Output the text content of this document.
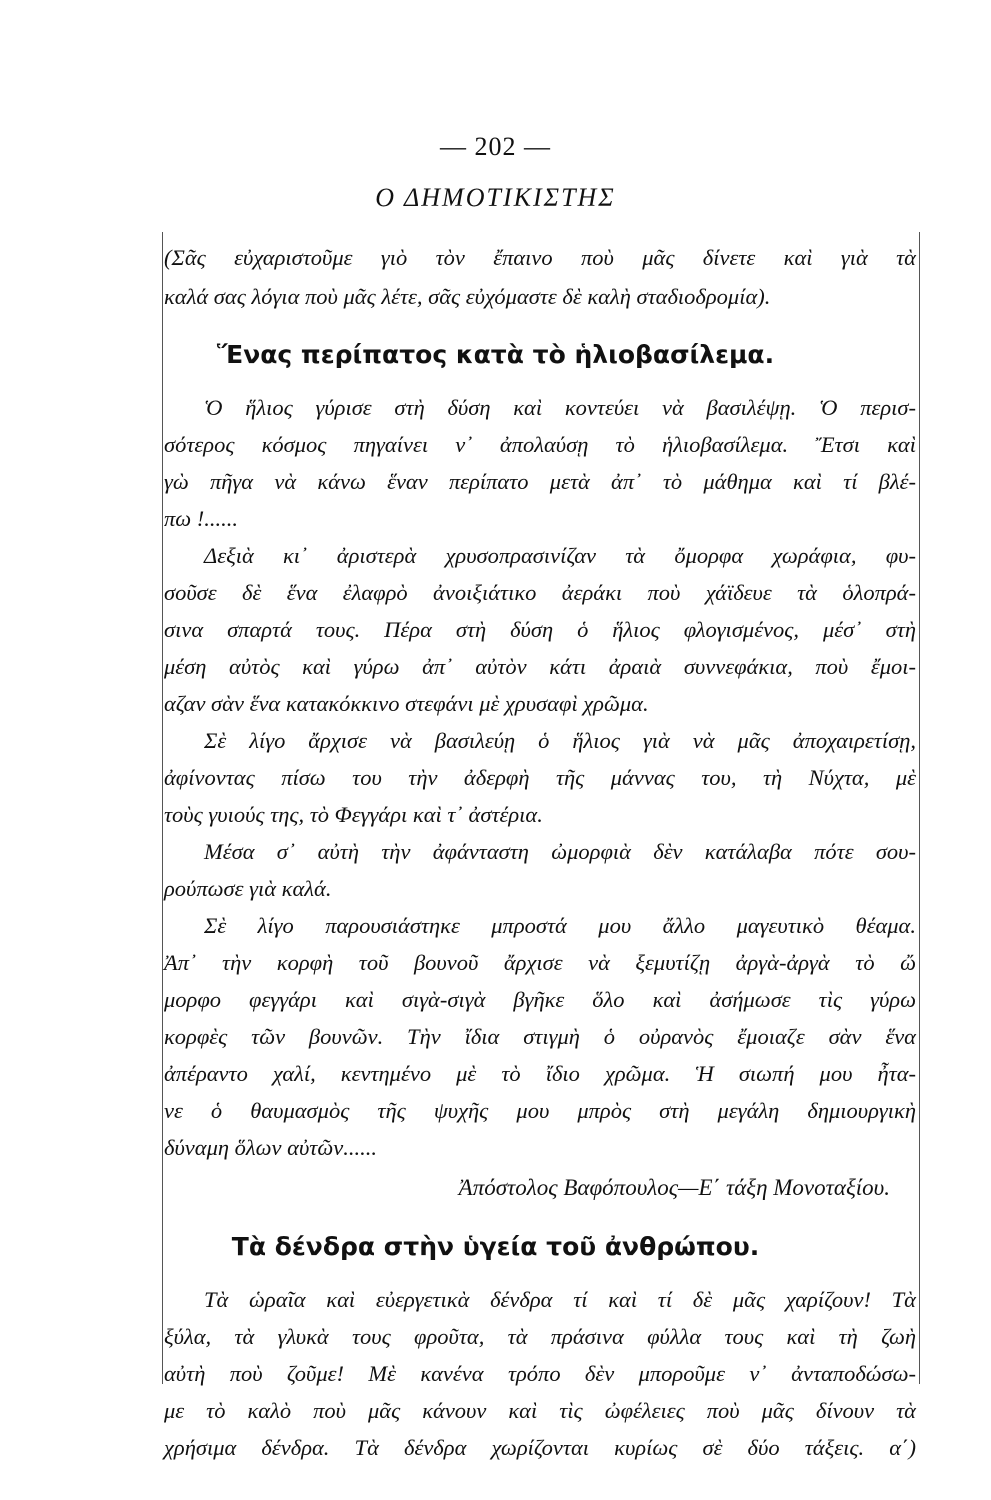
— 202 —
Ο ΔΗΜΟΤΙΚΙΣΤΗΣ
(Σᾶς εὐχαριστοῦμε γιὸ τὸν ἔπαινο ποὺ μᾶς δίνετε καὶ γιὰ τὰ
καλά σας λόγια ποὺ μᾶς λέτε, σᾶς εὐχόμαστε δὲ καλὴ σταδιοδρομία).
Ἕνας περίπατος κατὰ τὸ ἡλιοβασίλεμα.
Ὁ ἥλιος γύρισε στὴ δύση καὶ κοντεύει νὰ βασιλέψῃ. Ὁ περισ-
σότερος κόσμος πηγαίνει ν᾿ ἀπολαύσῃ τὸ ἡλιοβασίλεμα. Ἔτσι καὶ
γὼ πῆγα νὰ κάνω ἕναν περίπατο μετὰ ἀπ᾿ τὸ μάθημα καὶ τί βλέ-
πω !......
Δεξιὰ κι᾿ ἀριστερὰ χρυσοπρασινίζαν τὰ ὄμορφα χωράφια, φυ-
σοῦσε δὲ ἕνα ἐλαφρὸ ἀνοιξιάτικο ἀεράκι ποὺ χάϊδευε τὰ ὁλοπρά-
σινα σπαρτά τους. Πέρα στὴ δύση ὁ ἥλιος φλογισμένος, μέσ᾿ στὴ
μέση αὐτὸς καὶ γύρω ἀπ᾿ αὐτὸν κάτι ἀραιὰ συννεφάκια, ποὺ ἔμοι-
αζαν σὰν ἕνα κατακόκκινο στεφάνι μὲ χρυσαφὶ χρῶμα.
Σὲ λίγο ἄρχισε νὰ βασιλεύῃ ὁ ἥλιος γιὰ νὰ μᾶς ἀποχαιρετίσῃ,
ἀφίνοντας πίσω του τὴν ἀδερφὴ τῆς μάννας του, τὴ Νύχτα, μὲ
τοὺς γυιούς της, τὸ Φεγγάρι καὶ τ᾿ ἀστέρια.
Μέσα σ᾿ αὐτὴ τὴν ἀφάνταστη ὠμορφιὰ δὲν κατάλαβα πότε σου-
ρούπωσε γιὰ καλά.
Σὲ λίγο παρουσιάστηκε μπροστά μου ἄλλο μαγευτικὸ θέαμα.
Ἀπ᾿ τὴν κορφὴ τοῦ βουνοῦ ἄρχισε νὰ ξεμυτίζῃ ἀργὰ-ἀργὰ τὸ ὤ
μορφο φεγγάρι καὶ σιγὰ-σιγὰ βγῆκε ὅλο καὶ ἀσήμωσε τὶς γύρω
κορφὲς τῶν βουνῶν. Τὴν ἴδια στιγμὴ ὁ οὐρανὸς ἔμοιαζε σὰν ἕνα
ἀπέραντο χαλί, κεντημένο μὲ τὸ ἴδιο χρῶμα. Ἡ σιωπή μου ἦτα-
νε ὁ θαυμασμὸς τῆς ψυχῆς μου μπρὸς στὴ μεγάλη δημιουργικὴ
δύναμη ὅλων αὐτῶν......
Ἀπόστολος Βαφόπουλος—Ε΄ τάξη Μονοταξίου.
Τὰ δένδρα στὴν ὑγεία τοῦ ἀνθρώπου.
Τὰ ὡραῖα καὶ εὐεργετικὰ δένδρα τί καὶ τί δὲ μᾶς χαρίζουν! Τὰ
ξύλα, τὰ γλυκὰ τους φροῦτα, τὰ πράσινα φύλλα τους καὶ τὴ ζωὴ
αὐτὴ ποὺ ζοῦμε! Μὲ κανένα τρόπο δὲν μποροῦμε ν᾿ ἀνταποδώσω-
με τὸ καλὸ ποὺ μᾶς κάνουν καὶ τὶς ὠφέλειες ποὺ μᾶς δίνουν τὰ
χρήσιμα δένδρα. Τὰ δένδρα χωρίζονται κυρίως σὲ δύο τάξεις. α΄)
